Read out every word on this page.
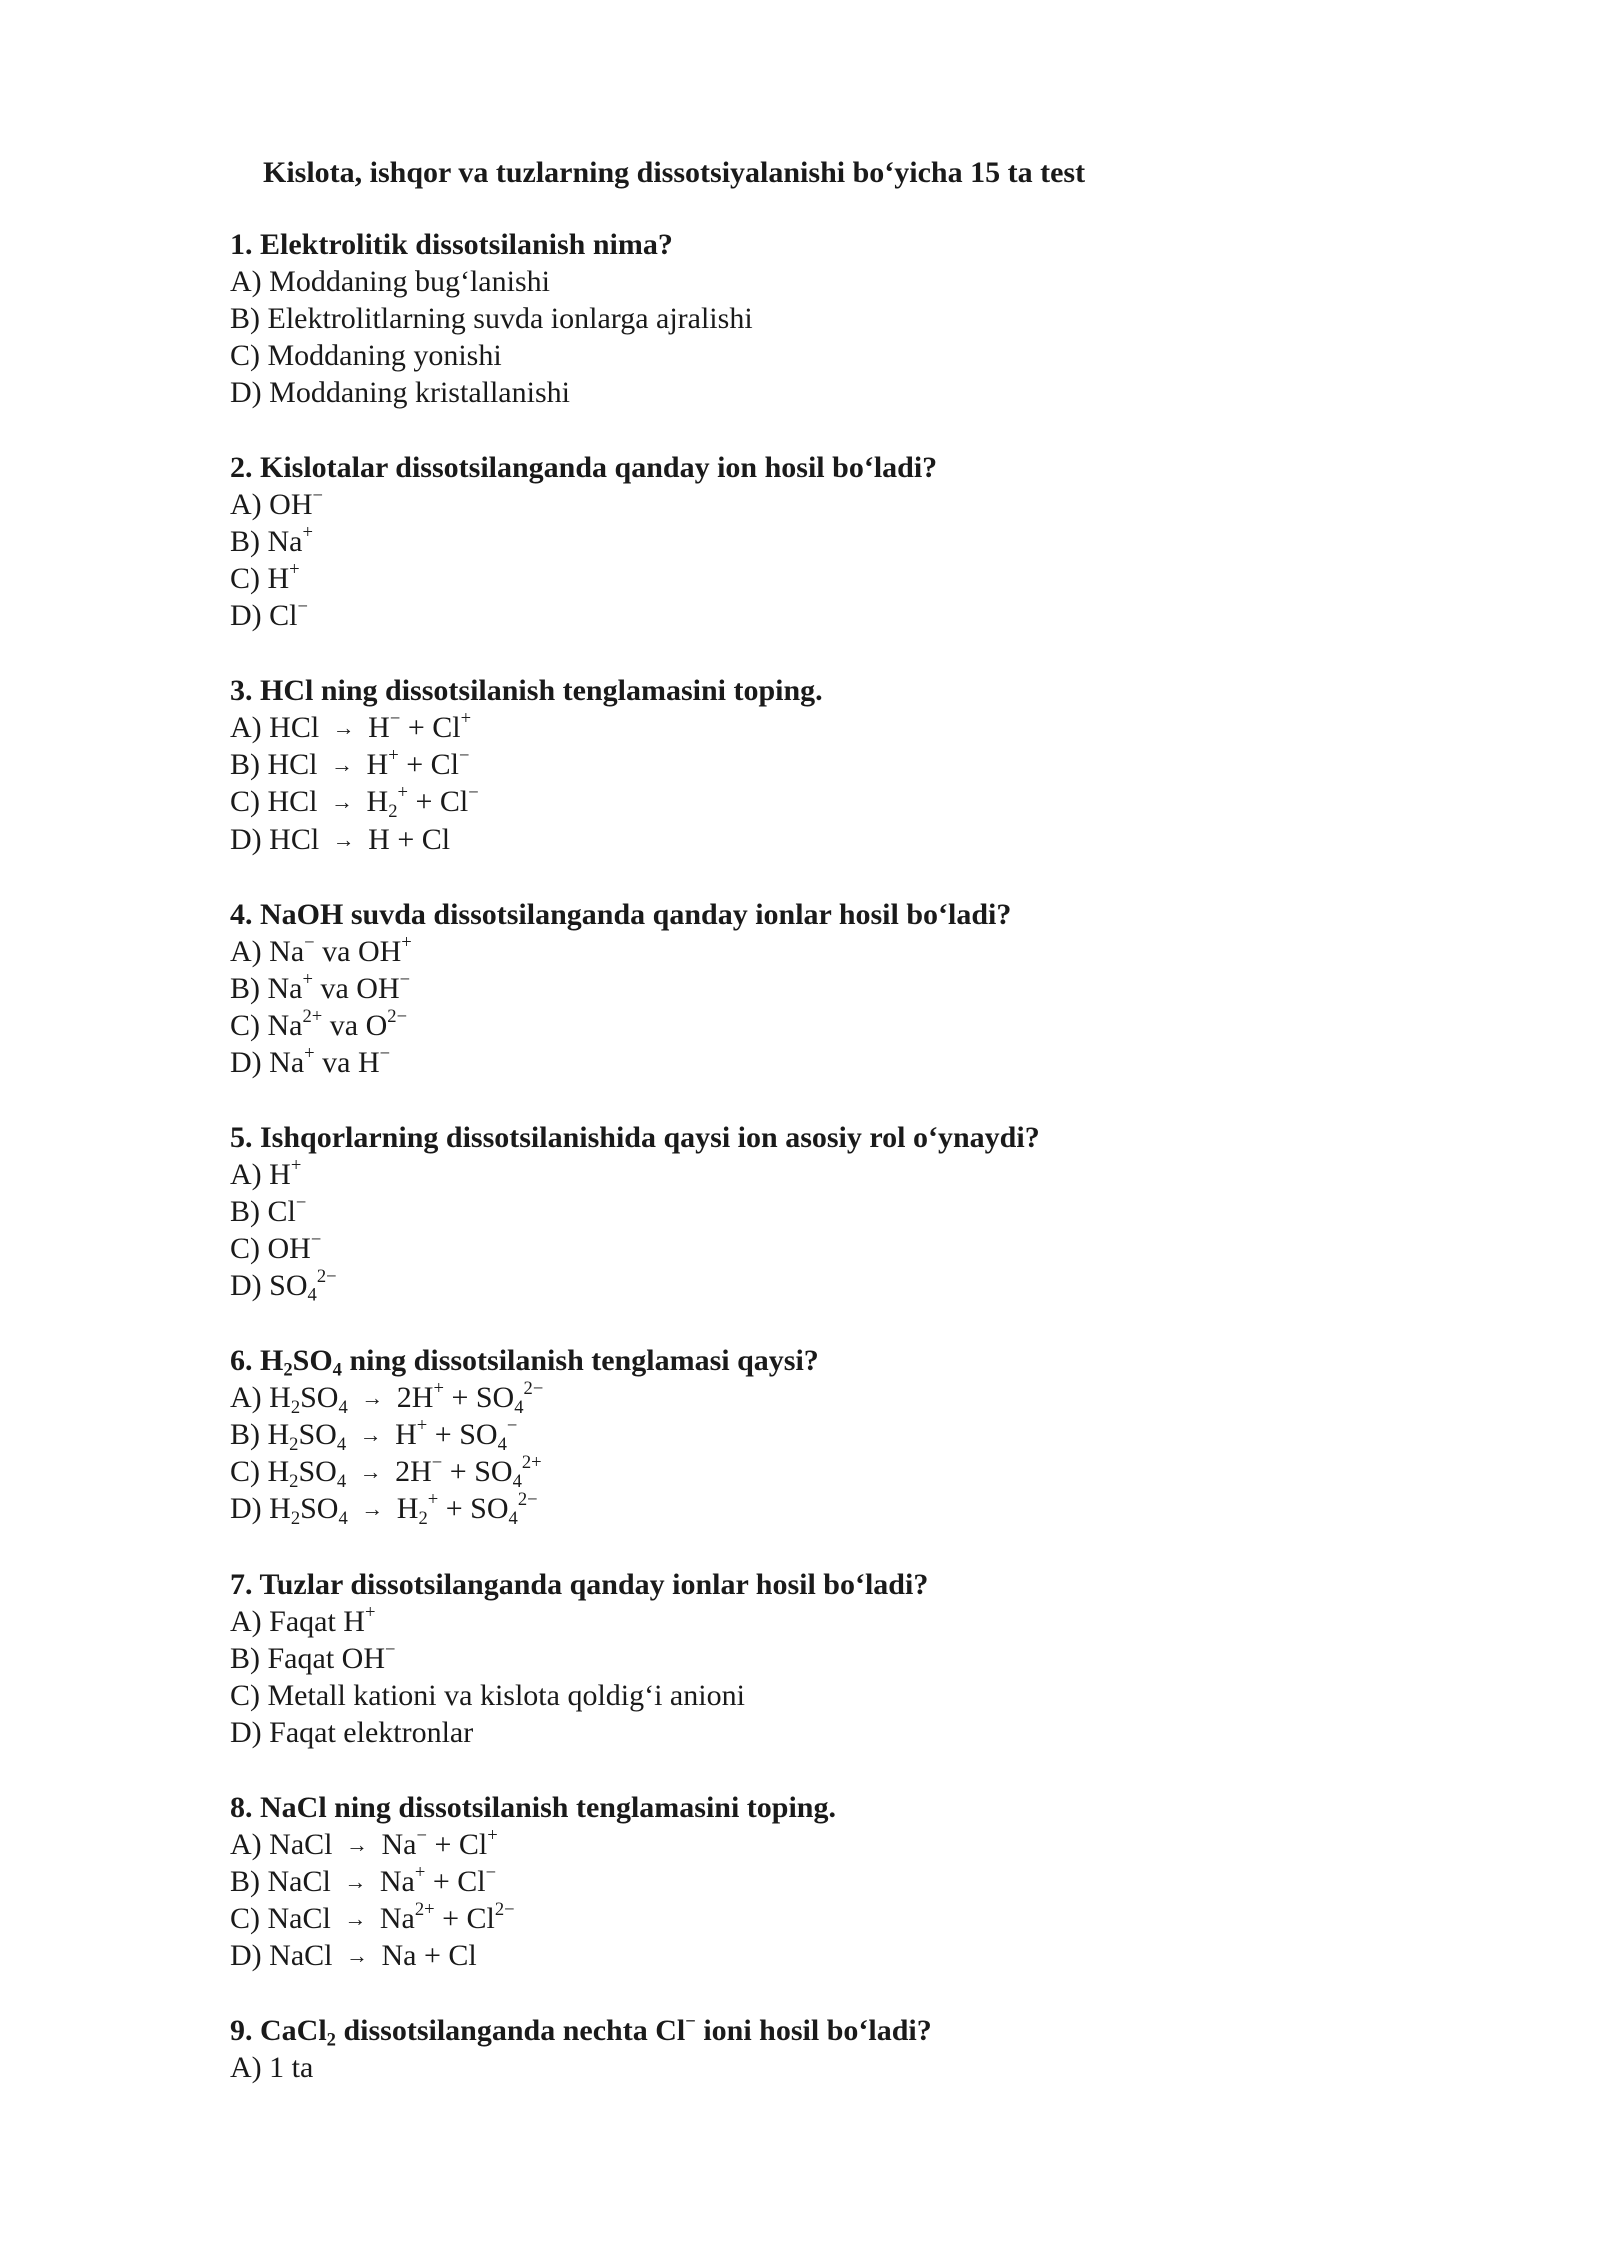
Kislota, ishqor va tuzlarning dissotsiyalanishi bo‘yicha 15 ta test

1. Elektrolitik dissotsilanish nima?

A) Moddaning bug‘lanishi

B) Elektrolitlarning suvda ionlarga ajralishi

C) Moddaning yonishi

D) Moddaning kristallanishi

2. Kislotalar dissotsilanganda qanday ion hosil bo‘ladi?

A) OH−

B) Na+

C) H+

D) Cl−

3. HCl ning dissotsilanish tenglamasini toping.

A) HCl → H− + Cl+

B) HCl → H+ + Cl−

C) HCl → $H_2^+ + Cl^-$

D) HCl → H + Cl

4. NaOH suvda dissotsilanganda qanday ionlar hosil bo‘ladi?

A) Na− va OH+

B) Na+ va OH−

C) $Na^{2+}$ va $O^{2-}$

D) Na+ va H−

5. Ishqorlarning dissotsilanishida qaysi ion asosiy rol o‘ynaydi?

A) H+

B) Cl−

C) OH−

D) $SO_4^{2-}$

6. $H_2SO_4$ ning dissotsilanish tenglamasi qaysi?

A) $H_2SO_4 \to 2H^+ + SO_4^{2-}$

B) $H_2SO_4 \to H^+ + SO_4^-$

C) $H_2SO_4 \to 2H^- + SO_4^{2+}$

D) $H_2SO_4 \to H_2^+ + SO_4^{2-}$

7. Tuzlar dissotsilanganda qanday ionlar hosil bo‘ladi?

A) Faqat H+

B) Faqat OH−

C) Metall kationi va kislota qoldig‘i anioni

D) Faqat elektronlar

8. NaCl ning dissotsilanish tenglamasini toping.

A) NaCl → Na− + Cl+

B) NaCl → Na+ + Cl−

C) NaCl → $Na^{2+} + Cl^{2-}$

D) NaCl → Na + Cl

9. CaCl$_2$ dissotsilanganda nechta Cl− ioni hosil bo‘ladi?

A) 1 ta
